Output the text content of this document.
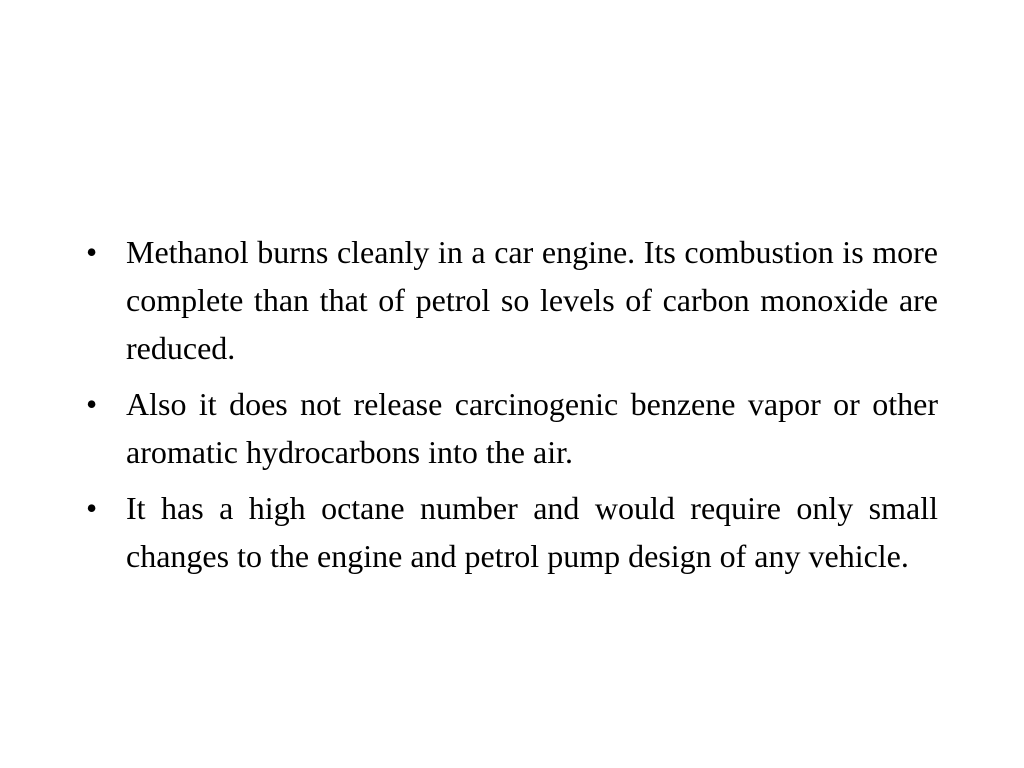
• Methanol burns cleanly in a car engine. Its combustion is more complete than that of petrol so levels of carbon monoxide are reduced.
• Also it does not release carcinogenic benzene vapor or other aromatic hydrocarbons into the air.
• It has a high octane number and would require only small changes to the engine and petrol pump design of any vehicle.
